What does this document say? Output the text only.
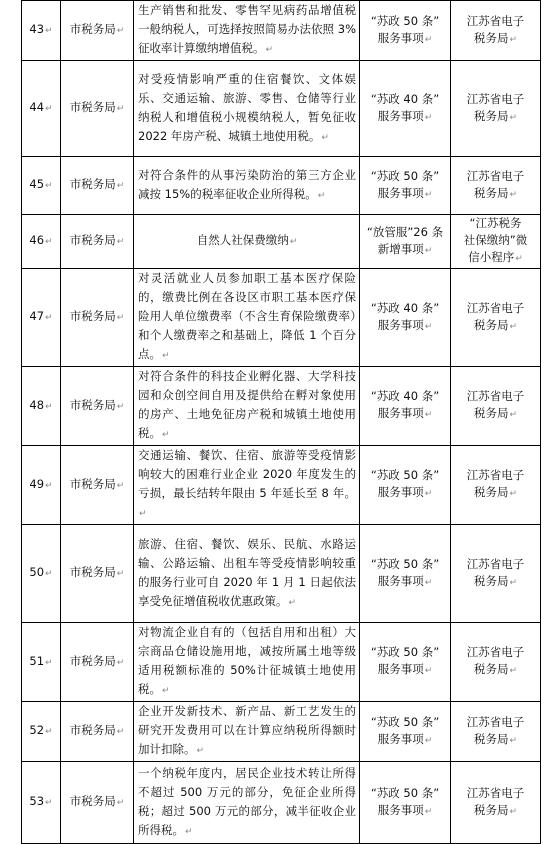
43↵	市税务局↵	生产销售和批发、零售罕见病药品增值税一般纳税人，可选择按照简易办法依照 3%征收率计算缴纳增值税。↵	“苏政 50 条”
服务事项↵	江苏省电子
税务局↵

44↵	市税务局↵	对受疫情影响严重的住宿餐饮、文体娱乐、交通运输、旅游、零售、仓储等行业纳税人和增值税小规模纳税人，暂免征收 2022 年房产税、城镇土地使用税。↵	“苏政 40 条”
服务事项↵	江苏省电子
税务局↵

45↵	市税务局↵	对符合条件的从事污染防治的第三方企业减按 15%的税率征收企业所得税。↵	“苏政 50 条”
服务事项↵	江苏省电子
税务局↵

46↵	市税务局↵	自然人社保费缴纳↵	“放管服”26 条
新增事项↵	“江苏税务
社保缴纳”微
信小程序↵

47↵	市税务局↵	对灵活就业人员参加职工基本医疗保险的，缴费比例在各设区市职工基本医疗保险用人单位缴费率（不含生育保险缴费率）和个人缴费率之和基础上，降低 1 个百分点。↵	“苏政 40 条”
服务事项↵	江苏省电子
税务局↵

48↵	市税务局↵	对符合条件的科技企业孵化器、大学科技园和众创空间自用及提供给在孵对象使用的房产、土地免征房产税和城镇土地使用税。↵	“苏政 40 条”
服务事项↵	江苏省电子
税务局↵

49↵	市税务局↵	交通运输、餐饮、住宿、旅游等受疫情影响较大的困难行业企业 2020 年度发生的亏损，最长结转年限由 5 年延长至 8 年。↵	“苏政 50 条”
服务事项↵	江苏省电子
税务局↵

50↵	市税务局↵	旅游、住宿、餐饮、娱乐、民航、水路运输、公路运输、出租车等受疫情影响较重的服务行业可自 2020 年 1 月 1 日起依法享受免征增值税收优惠政策。↵	“苏政 50 条”
服务事项↵	江苏省电子
税务局↵

51↵	市税务局↵	对物流企业自有的（包括自用和出租）大宗商品仓储设施用地，减按所属土地等级适用税额标准的 50%计征城镇土地使用税。↵	“苏政 50 条”
服务事项↵	江苏省电子
税务局↵

52↵	市税务局↵	企业开发新技术、新产品、新工艺发生的研究开发费用可以在计算应纳税所得额时加计扣除。↵	“苏政 50 条”
服务事项↵	江苏省电子
税务局↵

53↵	市税务局↵	一个纳税年度内，居民企业技术转让所得不超过 500 万元的部分，免征企业所得税；超过 500 万元的部分，减半征收企业所得税。↵	“苏政 50 条”
服务事项↵	江苏省电子
税务局↵
